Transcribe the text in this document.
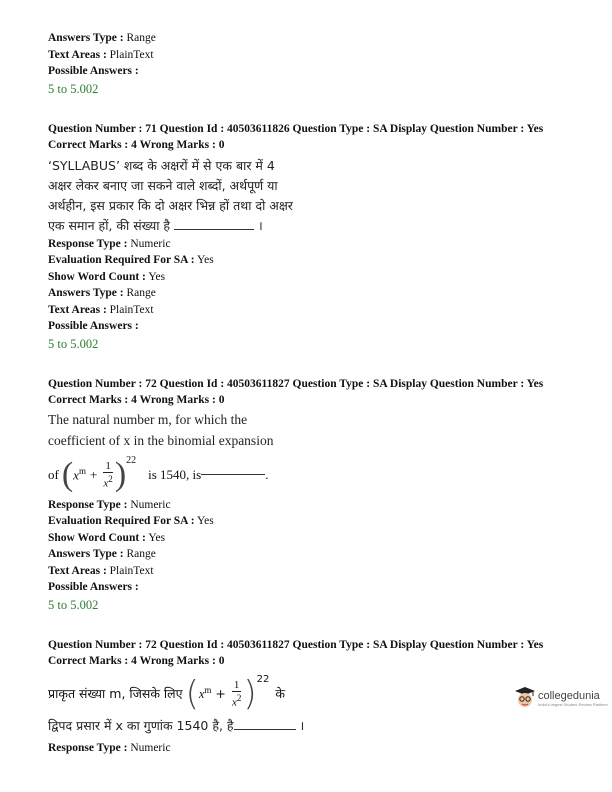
Answers Type : Range
Text Areas : PlainText
Possible Answers :
5 to 5.002
Question Number : 71 Question Id : 40503611826 Question Type : SA Display Question Number : Yes
Correct Marks : 4 Wrong Marks : 0
‘SYLLABUS’ शब्द के अक्षरों में से एक बार में 4
अक्षर लेकर बनाए जा सकने वाले शब्दों, अर्थपूर्ण या
अर्थहीन, इस प्रकार कि दो अक्षर भिन्न हों तथा दो अक्षर
एक समान हों, की संख्या है	।
Response Type : Numeric
Evaluation Required For SA : Yes
Show Word Count : Yes
Answers Type : Range
Text Areas : PlainText
Possible Answers :
5 to 5.002
Question Number : 72 Question Id : 40503611827 Question Type : SA Display Question Number : Yes
Correct Marks : 4 Wrong Marks : 0
The natural number m, for which the
coefficient of x in the binomial expansion
of ( $x^m + \frac{1}{x^2}$ ) 22
is 1540, is	.
Response Type : Numeric
Evaluation Required For SA : Yes
Show Word Count : Yes
Answers Type : Range
Text Areas : PlainText
Possible Answers :
5 to 5.002
Question Number : 72 Question Id : 40503611827 Question Type : SA Display Question Number : Yes
Correct Marks : 4 Wrong Marks : 0
प्राकृत संख्या m, जिसके लिए ( $x^m + \frac{1}{x^2}$ ) 22
के
द्विपद प्रसार में x का गुणांक 1540 है, है	।
Response Type : Numeric
collegedunia
India's largest Student Review Platform
